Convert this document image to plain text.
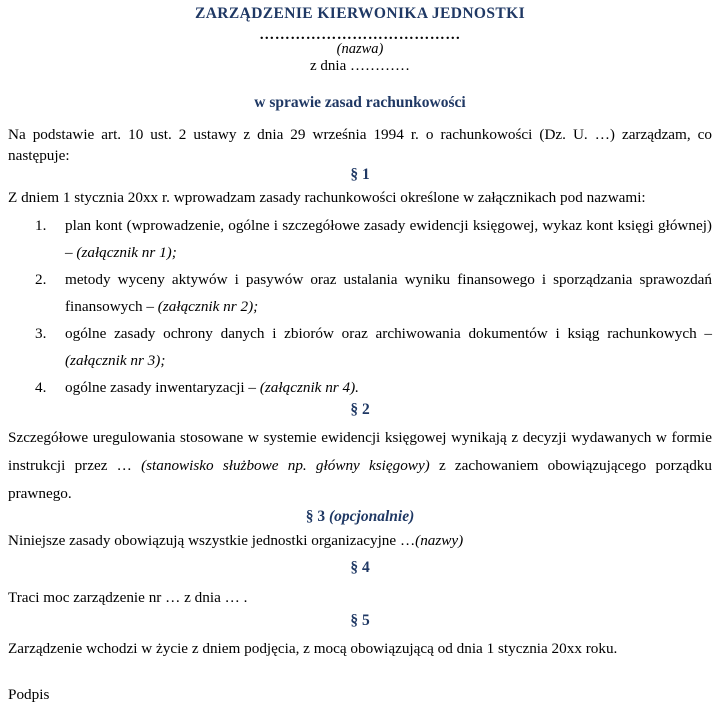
ZARZĄDZENIE KIERWONIKA JEDNOSTKI
…………………………………
(nazwa)
z dnia …………
w sprawie zasad rachunkowości
Na podstawie art. 10 ust. 2 ustawy z dnia 29 września 1994 r. o rachunkowości (Dz. U. …) zarządzam, co następuje:
§ 1
Z dniem 1 stycznia 20xx r. wprowadzam zasady rachunkowości określone w załącznikach pod nazwami:
1. plan kont (wprowadzenie, ogólne i szczegółowe zasady ewidencji księgowej, wykaz kont księgi głównej) – (załącznik nr 1);
2. metody wyceny aktywów i pasywów oraz ustalania wyniku finansowego i sporządzania sprawozdań finansowych – (załącznik nr 2);
3. ogólne zasady ochrony danych i zbiorów oraz archiwowania dokumentów i ksiąg rachunkowych – (załącznik nr 3);
4. ogólne zasady inwentaryzacji – (załącznik nr 4).
§ 2
Szczegółowe uregulowania stosowane w systemie ewidencji księgowej wynikają z decyzji wydawanych w formie instrukcji przez … (stanowisko służbowe np. główny księgowy) z zachowaniem obowiązującego porządku prawnego.
§ 3 (opcjonalnie)
Niniejsze zasady obowiązują wszystkie jednostki organizacyjne …(nazwy)
§ 4
Traci moc zarządzenie nr … z dnia … .
§ 5
Zarządzenie wchodzi w życie z dniem podjęcia, z mocą obowiązującą od dnia 1 stycznia 20xx roku.
Podpis
